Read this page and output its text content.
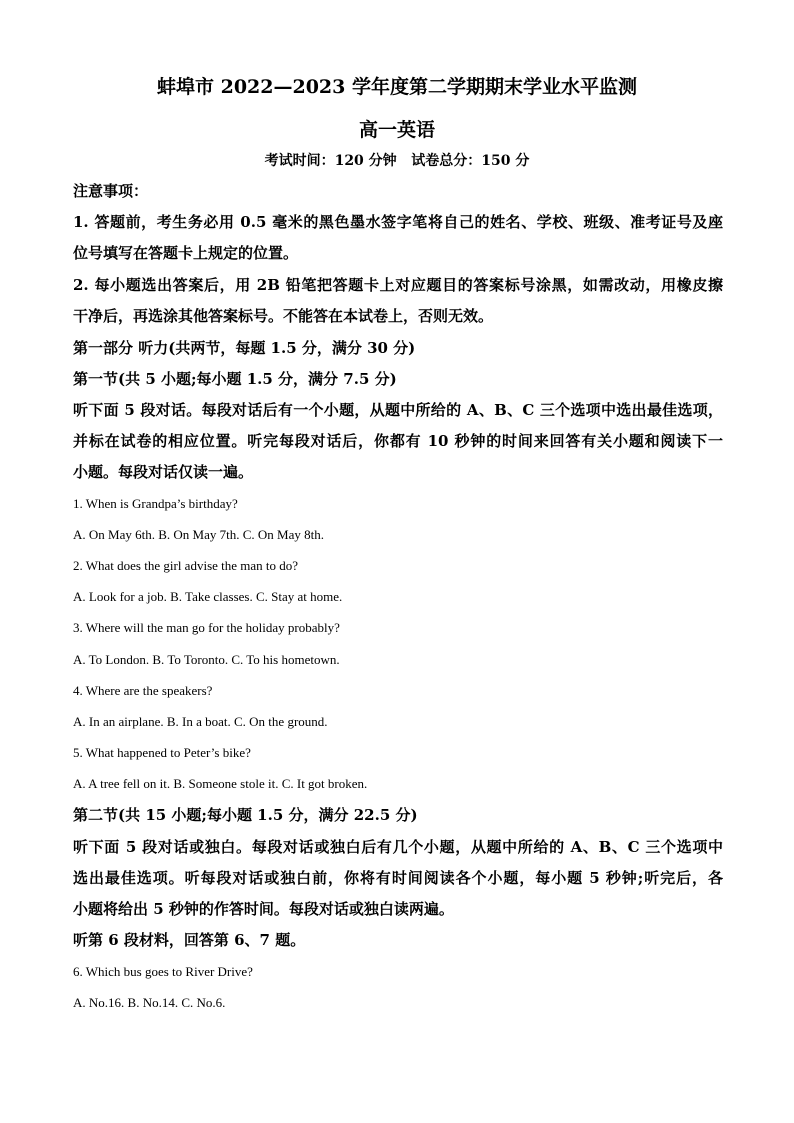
蚌埠市 2022—2023 学年度第二学期期末学业水平监测
高一英语
考试时间：120 分钟   试卷总分：150 分
注意事项：
1. 答题前，考生务必用 0.5 毫米的黑色墨水签字笔将自己的姓名、学校、班级、准考证号及座
位号填写在答题卡上规定的位置。
2. 每小题选出答案后，用 2B 铅笔把答题卡上对应题目的答案标号涂黑，如需改动，用橡皮擦
干净后，再选涂其他答案标号。不能答在本试卷上，否则无效。
第一部分 听力(共两节，每题 1.5 分，满分 30 分)
第一节(共 5 小题;每小题 1.5 分，满分 7.5 分)
听下面 5 段对话。每段对话后有一个小题，从题中所给的 A、B、C 三个选项中选出最佳选项，
并标在试卷的相应位置。听完每段对话后，你都有 10 秒钟的时间来回答有关小题和阅读下一
小题。每段对话仅读一遍。
1. When is Grandpa’s birthday?
A. On May 6th. B. On May 7th. C. On May 8th.
2. What does the girl advise the man to do?
A. Look for a job. B. Take classes. C. Stay at home.
3. Where will the man go for the holiday probably?
A. To London. B. To Toronto. C. To his hometown.
4. Where are the speakers?
A. In an airplane. B. In a boat. C. On the ground.
5. What happened to Peter’s bike?
A. A tree fell on it. B. Someone stole it. C. It got broken.
第二节(共 15 小题;每小题 1.5 分，满分 22.5 分)
听下面 5 段对话或独白。每段对话或独白后有几个小题，从题中所给的 A、B、C 三个选项中
选出最佳选项。听每段对话或独白前，你将有时间阅读各个小题，每小题 5 秒钟;听完后，各
小题将给出 5 秒钟的作答时间。每段对话或独白读两遍。
听第 6 段材料，回答第 6、7 题。
6. Which bus goes to River Drive?
A. No.16. B. No.14. C. No.6.
